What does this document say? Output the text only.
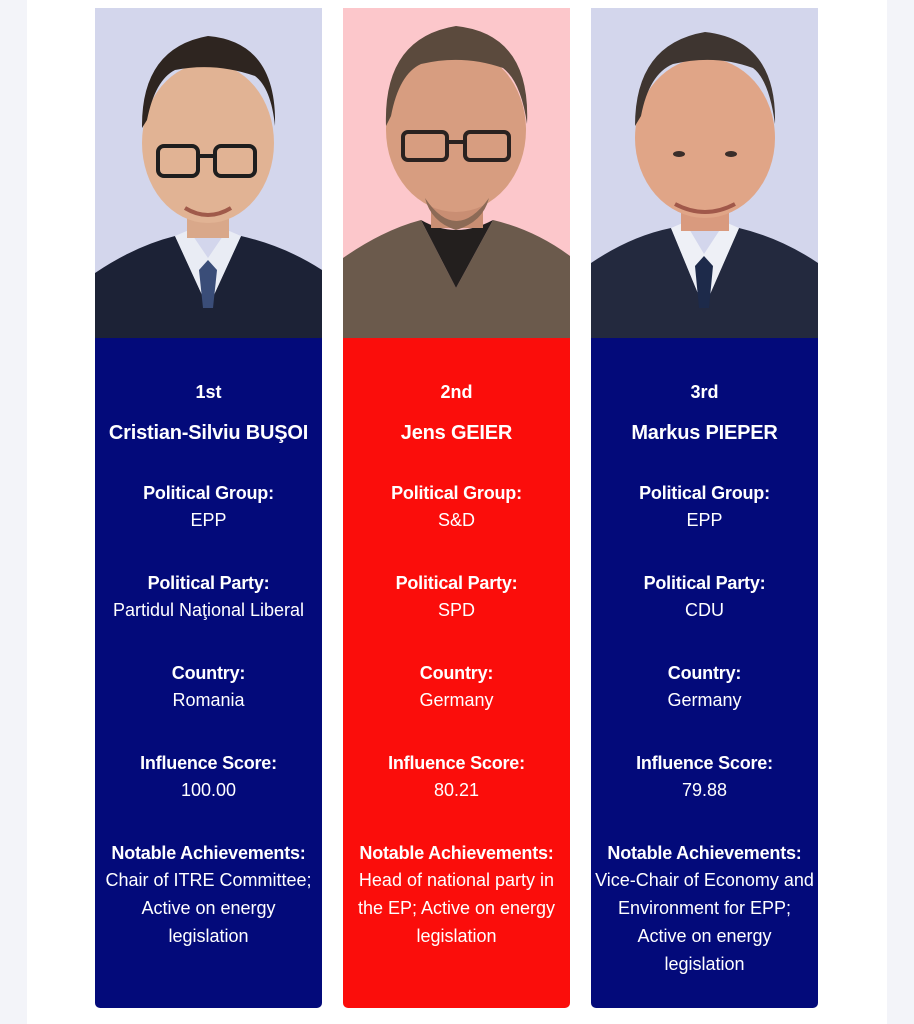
1st
Cristian-Silviu BUŞOI
Political Group:
EPP
Political Party:
Partidul Naţional Liberal
Country:
Romania
Influence Score:
100.00
Notable Achievements:
Chair of ITRE Committee; Active on energy legislation
2nd
Jens GEIER
Political Group:
S&D
Political Party:
SPD
Country:
Germany
Influence Score:
80.21
Notable Achievements:
Head of national party in the EP; Active on energy legislation
3rd
Markus PIEPER
Political Group:
EPP
Political Party:
CDU
Country:
Germany
Influence Score:
79.88
Notable Achievements:
Vice-Chair of Economy and Environment for EPP; Active on energy legislation
